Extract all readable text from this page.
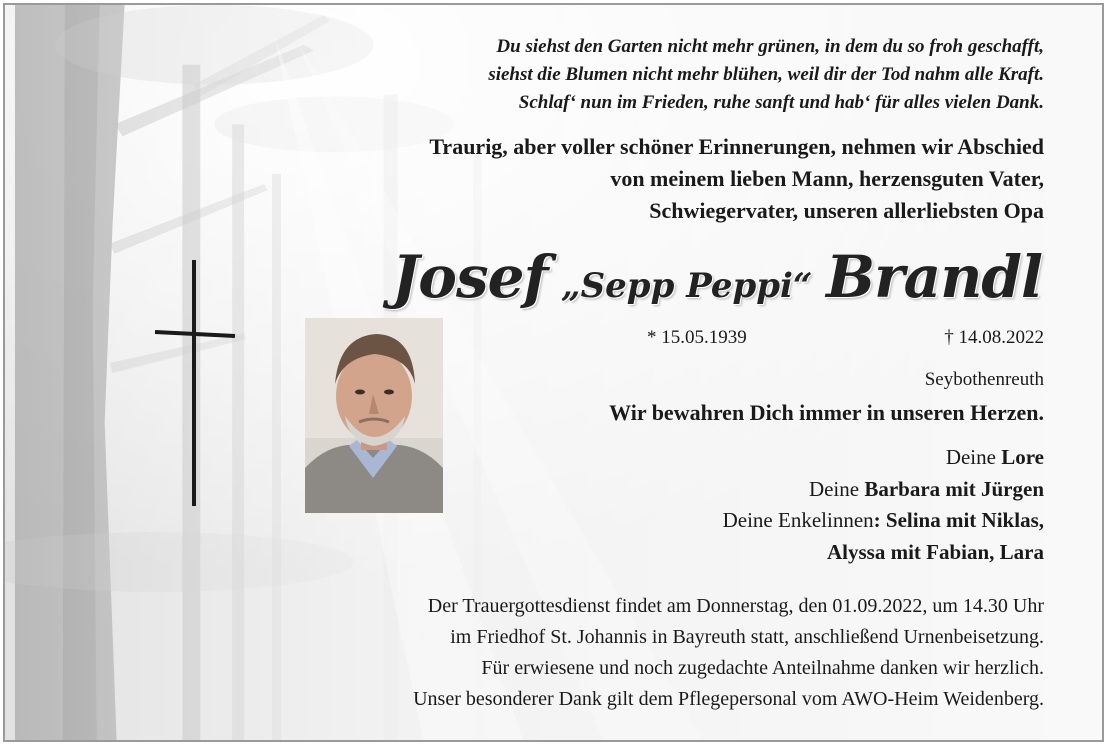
Du siehst den Garten nicht mehr grünen, in dem du so froh geschafft,
siehst die Blumen nicht mehr blühen, weil dir der Tod nahm alle Kraft.
Schlaf‘ nun im Frieden, ruhe sanft und hab‘ für alles vielen Dank.
Traurig, aber voller schöner Erinnerungen, nehmen wir Abschied
von meinem lieben Mann, herzensguten Vater,
Schwiegervater, unseren allerliebsten Opa
Josef „Sepp Peppi“ Brandl
* 15.05.1939	† 14.08.2022
Seybothenreuth
Wir bewahren Dich immer in unseren Herzen.
Deine Lore
Deine Barbara mit Jürgen
Deine Enkelinnen: Selina mit Niklas,
Alyssa mit Fabian, Lara
Der Trauergottesdienst findet am Donnerstag, den 01.09.2022, um 14.30 Uhr
im Friedhof St. Johannis in Bayreuth statt, anschließend Urnenbeisetzung.
Für erwiesene und noch zugedachte Anteilnahme danken wir herzlich.
Unser besonderer Dank gilt dem Pflegepersonal vom AWO-Heim Weidenberg.
